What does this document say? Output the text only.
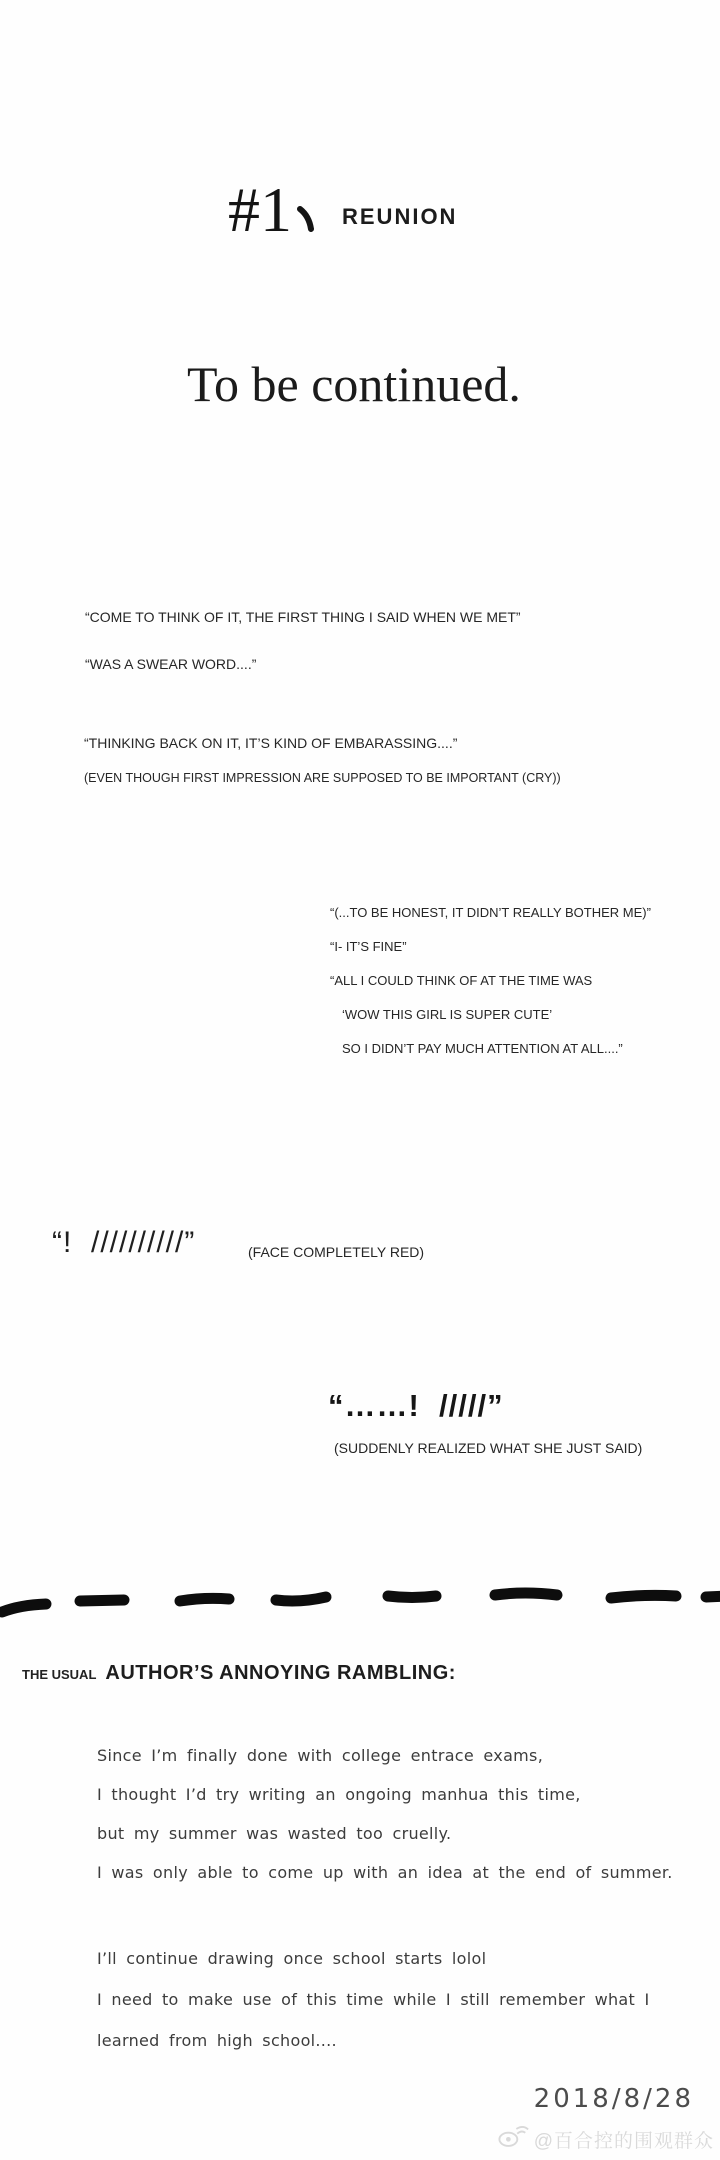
#1 REUNION
To be continued.
“COME TO THINK OF IT, THE FIRST THING I SAID WHEN WE MET”
“WAS A SWEAR WORD....”
“THINKING BACK ON IT, IT’S KIND OF EMBARASSING....”
(EVEN THOUGH FIRST IMPRESSION ARE SUPPOSED TO BE IMPORTANT (CRY))
“(...TO BE HONEST, IT DIDN’T REALLY BOTHER ME)”
“I- IT’S FINE”
“ALL I COULD THINK OF AT THE TIME WAS
‘WOW THIS GIRL IS SUPER CUTE’
SO I DIDN’T PAY MUCH ATTENTION AT ALL....”
“!  //////////”	(FACE COMPLETELY RED)
“……!  /////”
(SUDDENLY REALIZED WHAT SHE JUST SAID)
THE USUAL AUTHOR’S ANNOYING RAMBLING:
Since I’m finally done with college entrace exams,
I thought I’d try writing an ongoing manhua this time,
but my summer was wasted too cruelly.
I was only able to come up with an idea at the end of summer.
I’ll continue drawing once school starts lolol
I need to make use of this time while I still remember what I
learned from high school....
2018/8/28
@百合控的围观群众
